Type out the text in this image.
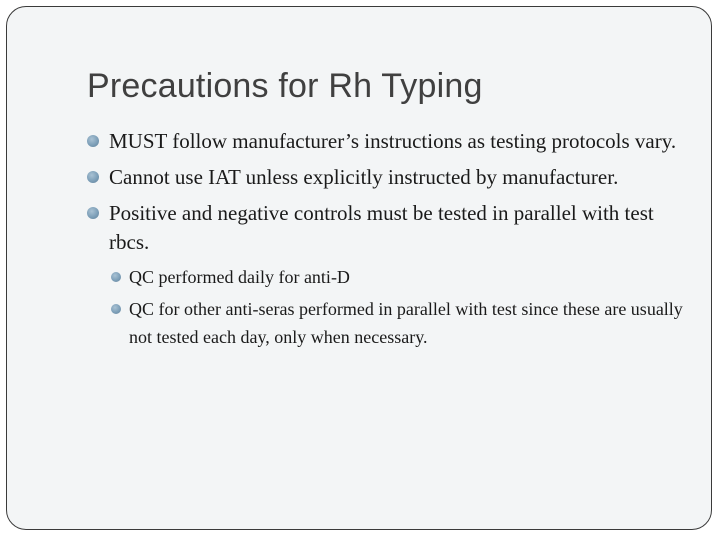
Precautions for Rh Typing
MUST follow manufacturer’s instructions as testing protocols vary.
Cannot use IAT unless explicitly instructed by manufacturer.
Positive and negative controls must be tested in parallel with test rbcs.
QC performed daily for anti-D
QC for other anti-seras performed in parallel with test since these are usually not tested each day, only when necessary.
